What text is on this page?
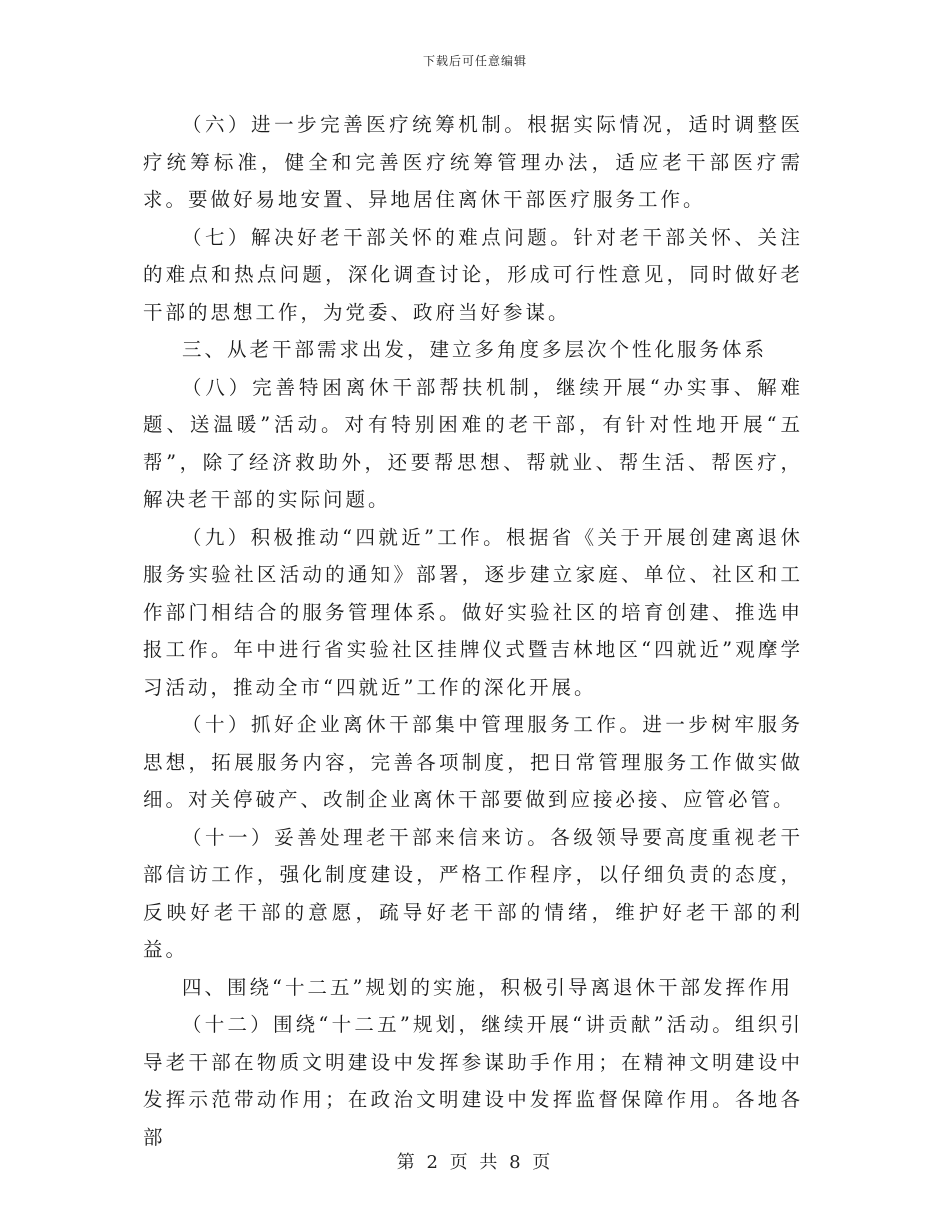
下载后可任意编辑

（六）进一步完善医疗统筹机制。根据实际情况，适时调整医疗统筹标准，健全和完善医疗统筹管理办法，适应老干部医疗需求。要做好易地安置、异地居住离休干部医疗服务工作。

（七）解决好老干部关怀的难点问题。针对老干部关怀、关注的难点和热点问题，深化调查讨论，形成可行性意见，同时做好老干部的思想工作，为党委、政府当好参谋。

三、从老干部需求出发，建立多角度多层次个性化服务体系

（八）完善特困离休干部帮扶机制，继续开展“办实事、解难题、送温暖”活动。对有特别困难的老干部，有针对性地开展“五帮”，除了经济救助外，还要帮思想、帮就业、帮生活、帮医疗，解决老干部的实际问题。

（九）积极推动“四就近”工作。根据省《关于开展创建离退休服务实验社区活动的通知》部署，逐步建立家庭、单位、社区和工作部门相结合的服务管理体系。做好实验社区的培育创建、推选申报工作。年中进行省实验社区挂牌仪式暨吉林地区“四就近”观摩学习活动，推动全市“四就近”工作的深化开展。

（十）抓好企业离休干部集中管理服务工作。进一步树牢服务思想，拓展服务内容，完善各项制度，把日常管理服务工作做实做细。对关停破产、改制企业离休干部要做到应接必接、应管必管。

（十一）妥善处理老干部来信来访。各级领导要高度重视老干部信访工作，强化制度建设，严格工作程序，以仔细负责的态度，反映好老干部的意愿，疏导好老干部的情绪，维护好老干部的利益。

四、围绕“十二五”规划的实施，积极引导离退休干部发挥作用

（十二）围绕“十二五”规划，继续开展“讲贡献”活动。组织引导老干部在物质文明建设中发挥参谋助手作用；在精神文明建设中发挥示范带动作用；在政治文明建设中发挥监督保障作用。各地各部

第 2 页 共 8 页
